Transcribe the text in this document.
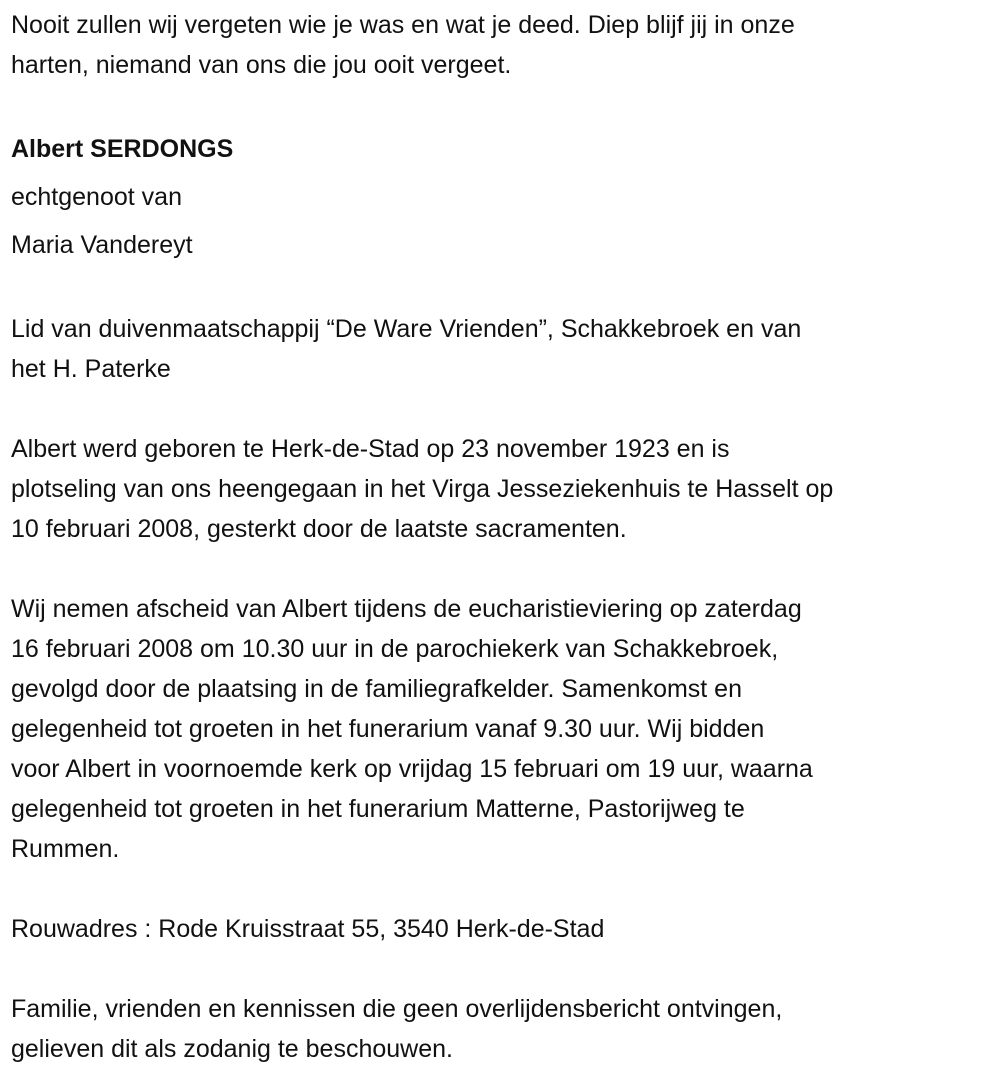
Nooit zullen wij vergeten wie je was en wat je deed. Diep blijf jij in onze
harten, niemand van ons die jou ooit vergeet.
Albert SERDONGS
echtgenoot van
Maria Vandereyt
Lid van duivenmaatschappij “De Ware Vrienden”, Schakkebroek en van
het H. Paterke
Albert werd geboren te Herk-de-Stad op 23 november 1923 en is
plotseling van ons heengegaan in het Virga Jesseziekenhuis te Hasselt op
10 februari 2008, gesterkt door de laatste sacramenten.
Wij nemen afscheid van Albert tijdens de eucharistieviering op zaterdag
16 februari 2008 om 10.30 uur in de parochiekerk van Schakkebroek,
gevolgd door de plaatsing in de familiegrafkelder. Samenkomst en
gelegenheid tot groeten in het funerarium vanaf 9.30 uur. Wij bidden
voor Albert in voornoemde kerk op vrijdag 15 februari om 19 uur, waarna
gelegenheid tot groeten in het funerarium Matterne, Pastorijweg te
Rummen.
Rouwadres : Rode Kruisstraat 55, 3540 Herk-de-Stad
Familie, vrienden en kennissen die geen overlijdensbericht ontvingen,
gelieven dit als zodanig te beschouwen.
